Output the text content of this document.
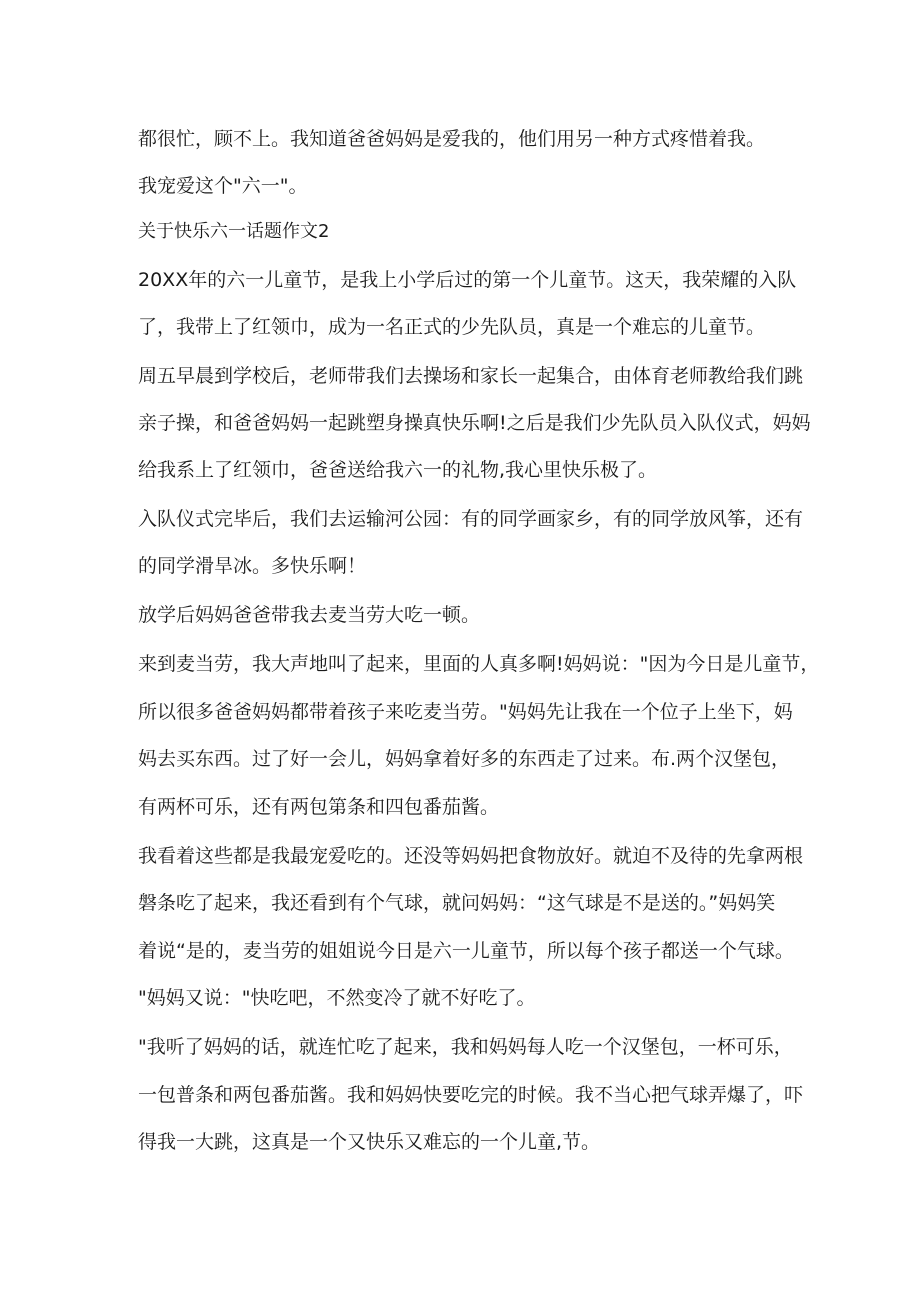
都很忙，顾不上。我知道爸爸妈妈是爱我的，他们用另一种方式疼惜着我。

我宠爱这个"六一"。

关于快乐六一话题作文2

20XX年的六一儿童节，是我上小学后过的第一个儿童节。这天，我荣耀的入队

了，我带上了红领巾，成为一名正式的少先队员，真是一个难忘的儿童节。

周五早晨到学校后，老师带我们去操场和家长一起集合，由体育老师教给我们跳

亲子操，和爸爸妈妈一起跳塑身操真快乐啊!之后是我们少先队员入队仪式，妈妈

给我系上了红领巾，爸爸送给我六一的礼物,我心里快乐极了。

入队仪式完毕后，我们去运输河公园：有的同学画家乡，有的同学放风筝，还有

的同学滑旱冰。多快乐啊！

放学后妈妈爸爸带我去麦当劳大吃一顿。

来到麦当劳，我大声地叫了起来，里面的人真多啊!妈妈说："因为今日是儿童节，

所以很多爸爸妈妈都带着孩子来吃麦当劳。"妈妈先让我在一个位子上坐下，妈

妈去买东西。过了好一会儿，妈妈拿着好多的东西走了过来。布.两个汉堡包，

有两杯可乐，还有两包第条和四包番茄酱。

我看着这些都是我最宠爱吃的。还没等妈妈把食物放好。就迫不及待的先拿两根

磐条吃了起来，我还看到有个气球，就问妈妈：“这气球是不是送的。”妈妈笑

着说“是的，麦当劳的姐姐说今日是六一儿童节，所以每个孩子都送一个气球。

"妈妈又说："快吃吧，不然变冷了就不好吃了。

"我听了妈妈的话，就连忙吃了起来，我和妈妈每人吃一个汉堡包，一杯可乐，

一包普条和两包番茄酱。我和妈妈快要吃完的时候。我不当心把气球弄爆了，吓

得我一大跳，这真是一个又快乐又难忘的一个儿童,节。
